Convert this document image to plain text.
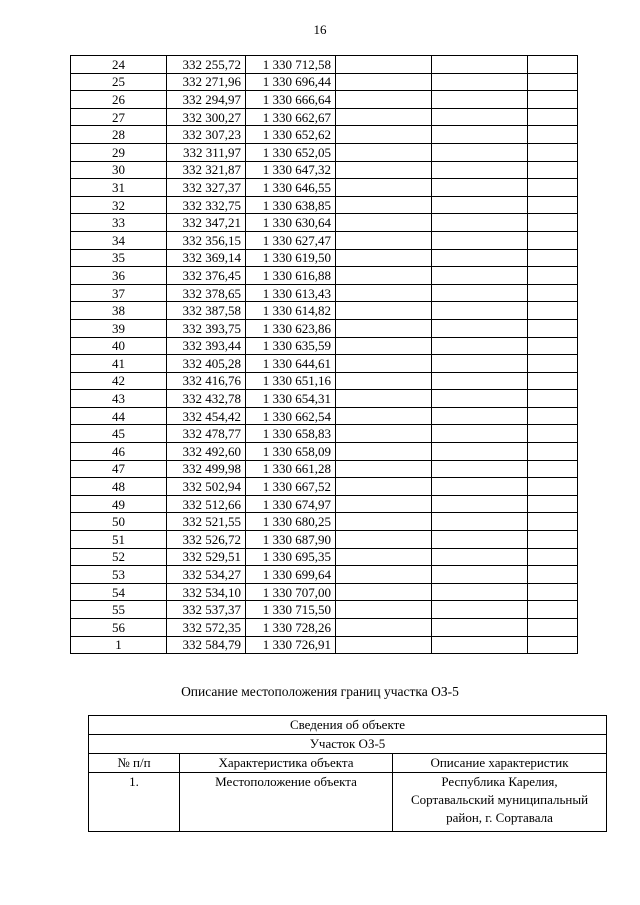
16
24	332 255,72	1 330 712,58			
25	332 271,96	1 330 696,44			
26	332 294,97	1 330 666,64			
27	332 300,27	1 330 662,67			
28	332 307,23	1 330 652,62			
29	332 311,97	1 330 652,05			
30	332 321,87	1 330 647,32			
31	332 327,37	1 330 646,55			
32	332 332,75	1 330 638,85			
33	332 347,21	1 330 630,64			
34	332 356,15	1 330 627,47			
35	332 369,14	1 330 619,50			
36	332 376,45	1 330 616,88			
37	332 378,65	1 330 613,43			
38	332 387,58	1 330 614,82			
39	332 393,75	1 330 623,86			
40	332 393,44	1 330 635,59			
41	332 405,28	1 330 644,61			
42	332 416,76	1 330 651,16			
43	332 432,78	1 330 654,31			
44	332 454,42	1 330 662,54			
45	332 478,77	1 330 658,83			
46	332 492,60	1 330 658,09			
47	332 499,98	1 330 661,28			
48	332 502,94	1 330 667,52			
49	332 512,66	1 330 674,97			
50	332 521,55	1 330 680,25			
51	332 526,72	1 330 687,90			
52	332 529,51	1 330 695,35			
53	332 534,27	1 330 699,64			
54	332 534,10	1 330 707,00			
55	332 537,37	1 330 715,50			
56	332 572,35	1 330 728,26			
1	332 584,79	1 330 726,91			
Описание местоположения границ участка ОЗ-5
Сведения об объекте		
Участок ОЗ-5		
№ п/п	Характеристика объекта	Описание характеристик
1.	Местоположение объекта	Республика Карелия,
Сортавальский муниципальный
район, г. Сортавала
